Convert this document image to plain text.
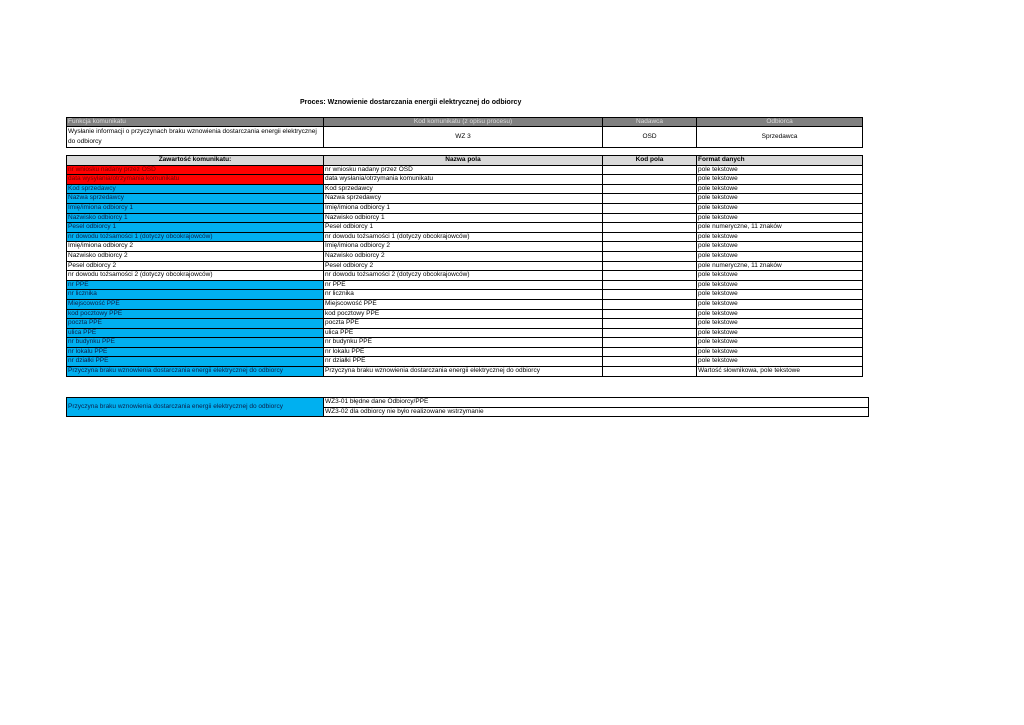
Proces: Wznowienie dostarczania energii elektrycznej do odbiorcy
Funkcja komunikatu	Kod komunikatu (z opisu procesu)	Nadawca	Odbiorca
Wysłanie informacji o przyczynach braku wznowienia dostarczania energii elektrycznej do odbiorcy	WZ 3	OSD	Sprzedawca
Zawartość komunikatu:	Nazwa pola	Kod pola	Format danych
nr wniosku nadany przez OSD	nr wniosku nadany przez OSD		pole tekstowe
data wysyłania/otrzymania komunikatu	data wysłania/otrzymania komunikatu		pole tekstowe
Kod sprzedawcy	Kod sprzedawcy		pole tekstowe
Nazwa sprzedawcy	Nazwa sprzedawcy		pole tekstowe
Imię/imiona odbiorcy 1	Imię/imiona odbiorcy 1		pole tekstowe
Nazwisko odbiorcy 1	Nazwisko odbiorcy 1		pole tekstowe
Pesel odbiorcy 1	Pesel odbiorcy 1		pole numeryczne, 11 znaków
nr dowodu tożsamości 1 (dotyczy obcokrajowców)	nr dowodu tożsamości 1 (dotyczy obcokrajowców)		pole tekstowe
Imię/imiona odbiorcy 2	Imię/imiona odbiorcy 2		pole tekstowe
Nazwisko odbiorcy 2	Nazwisko odbiorcy 2		pole tekstowe
Pesel odbiorcy 2	Pesel odbiorcy 2		pole numeryczne, 11 znaków
nr dowodu tożsamości 2 (dotyczy obcokrajowców)	nr dowodu tożsamości 2 (dotyczy obcokrajowców)		pole tekstowe
nr PPE	nr PPE		pole tekstowe
nr licznika	nr licznika		pole tekstowe
Miejscowość PPE	Miejscowość PPE		pole tekstowe
kod pocztowy PPE	kod pocztowy PPE		pole tekstowe
poczta PPE	poczta PPE		pole tekstowe
ulica PPE	ulica PPE		pole tekstowe
nr budynku PPE	nr budynku PPE		pole tekstowe
nr lokalu PPE	nr lokalu PPE		pole tekstowe
nr działki PPE	nr działki PPE		pole tekstowe
Przyczyna braku wznowienia dostarczania energii elektrycznej do odbiorcy	Przyczyna braku wznowienia dostarczania energii elektrycznej do odbiorcy		Wartość słownikowa, pole tekstowe
Przyczyna braku wznowienia dostarczania energii elektrycznej do odbiorcy	WZ3-01 błędne dane Odbiorcy/PPE
WZ3-02 dla odbiorcy nie było realizowane wstrzymanie
